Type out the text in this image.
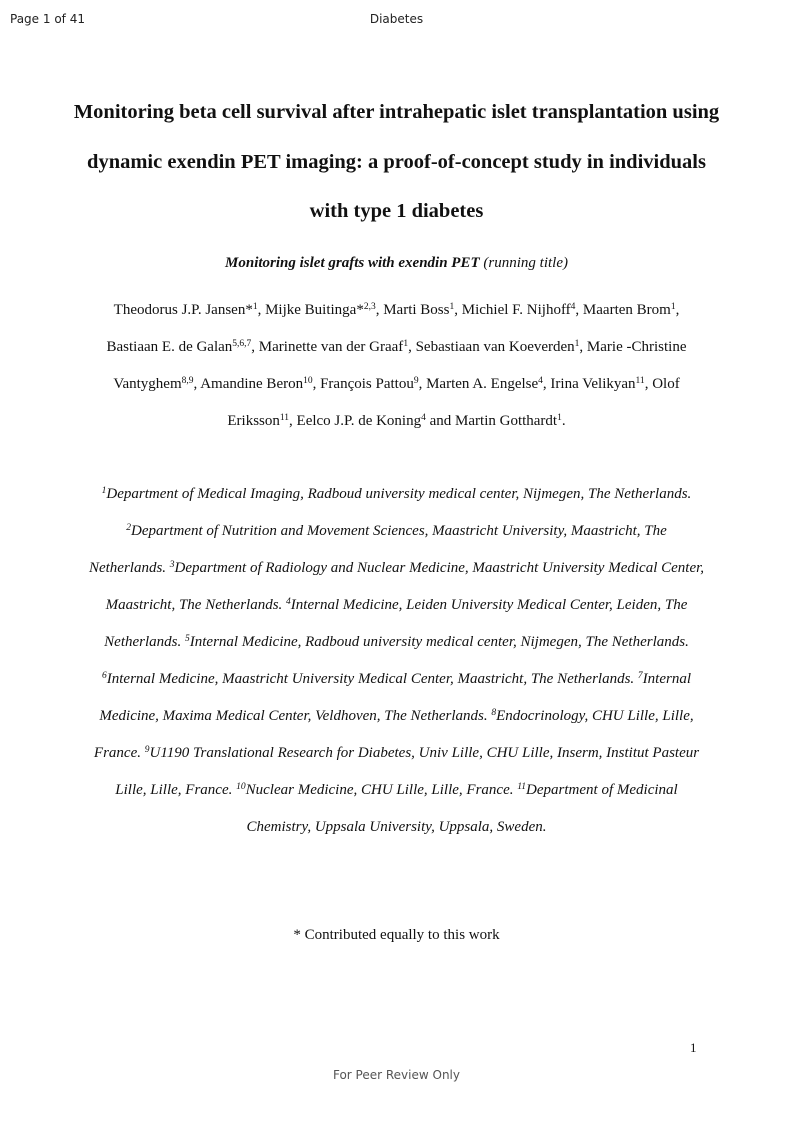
Page 1 of 41	Diabetes
Monitoring beta cell survival after intrahepatic islet transplantation using dynamic exendin PET imaging: a proof-of-concept study in individuals with type 1 diabetes
Monitoring islet grafts with exendin PET (running title)
Theodorus J.P. Jansen*$^1$, Mijke Buitinga*$^{2,3}$, Marti Boss$^1$, Michiel F. Nijhoff$^4$, Maarten Brom$^1$, Bastiaan E. de Galan$^{5,6,7}$, Marinette van der Graaf$^1$, Sebastiaan van Koeverden$^1$, Marie -Christine Vantyghem$^{8,9}$, Amandine Beron$^{10}$, François Pattou$^9$, Marten A. Engelse$^4$, Irina Velikyan$^{11}$, Olof Eriksson$^{11}$, Eelco J.P. de Koning$^4$ and Martin Gotthardt$^1$.
$^1$Department of Medical Imaging, Radboud university medical center, Nijmegen, The Netherlands. $^2$Department of Nutrition and Movement Sciences, Maastricht University, Maastricht, The Netherlands. $^3$Department of Radiology and Nuclear Medicine, Maastricht University Medical Center, Maastricht, The Netherlands. $^4$Internal Medicine, Leiden University Medical Center, Leiden, The Netherlands. $^5$Internal Medicine, Radboud university medical center, Nijmegen, The Netherlands. $^6$Internal Medicine, Maastricht University Medical Center, Maastricht, The Netherlands. $^7$Internal Medicine, Maxima Medical Center, Veldhoven, The Netherlands. $^8$Endocrinology, CHU Lille, Lille, France. $^9$U1190 Translational Research for Diabetes, Univ Lille, CHU Lille, Inserm, Institut Pasteur Lille, Lille, France. $^{10}$Nuclear Medicine, CHU Lille, Lille, France. $^{11}$Department of Medicinal Chemistry, Uppsala University, Uppsala, Sweden.
* Contributed equally to this work
1
For Peer Review Only
